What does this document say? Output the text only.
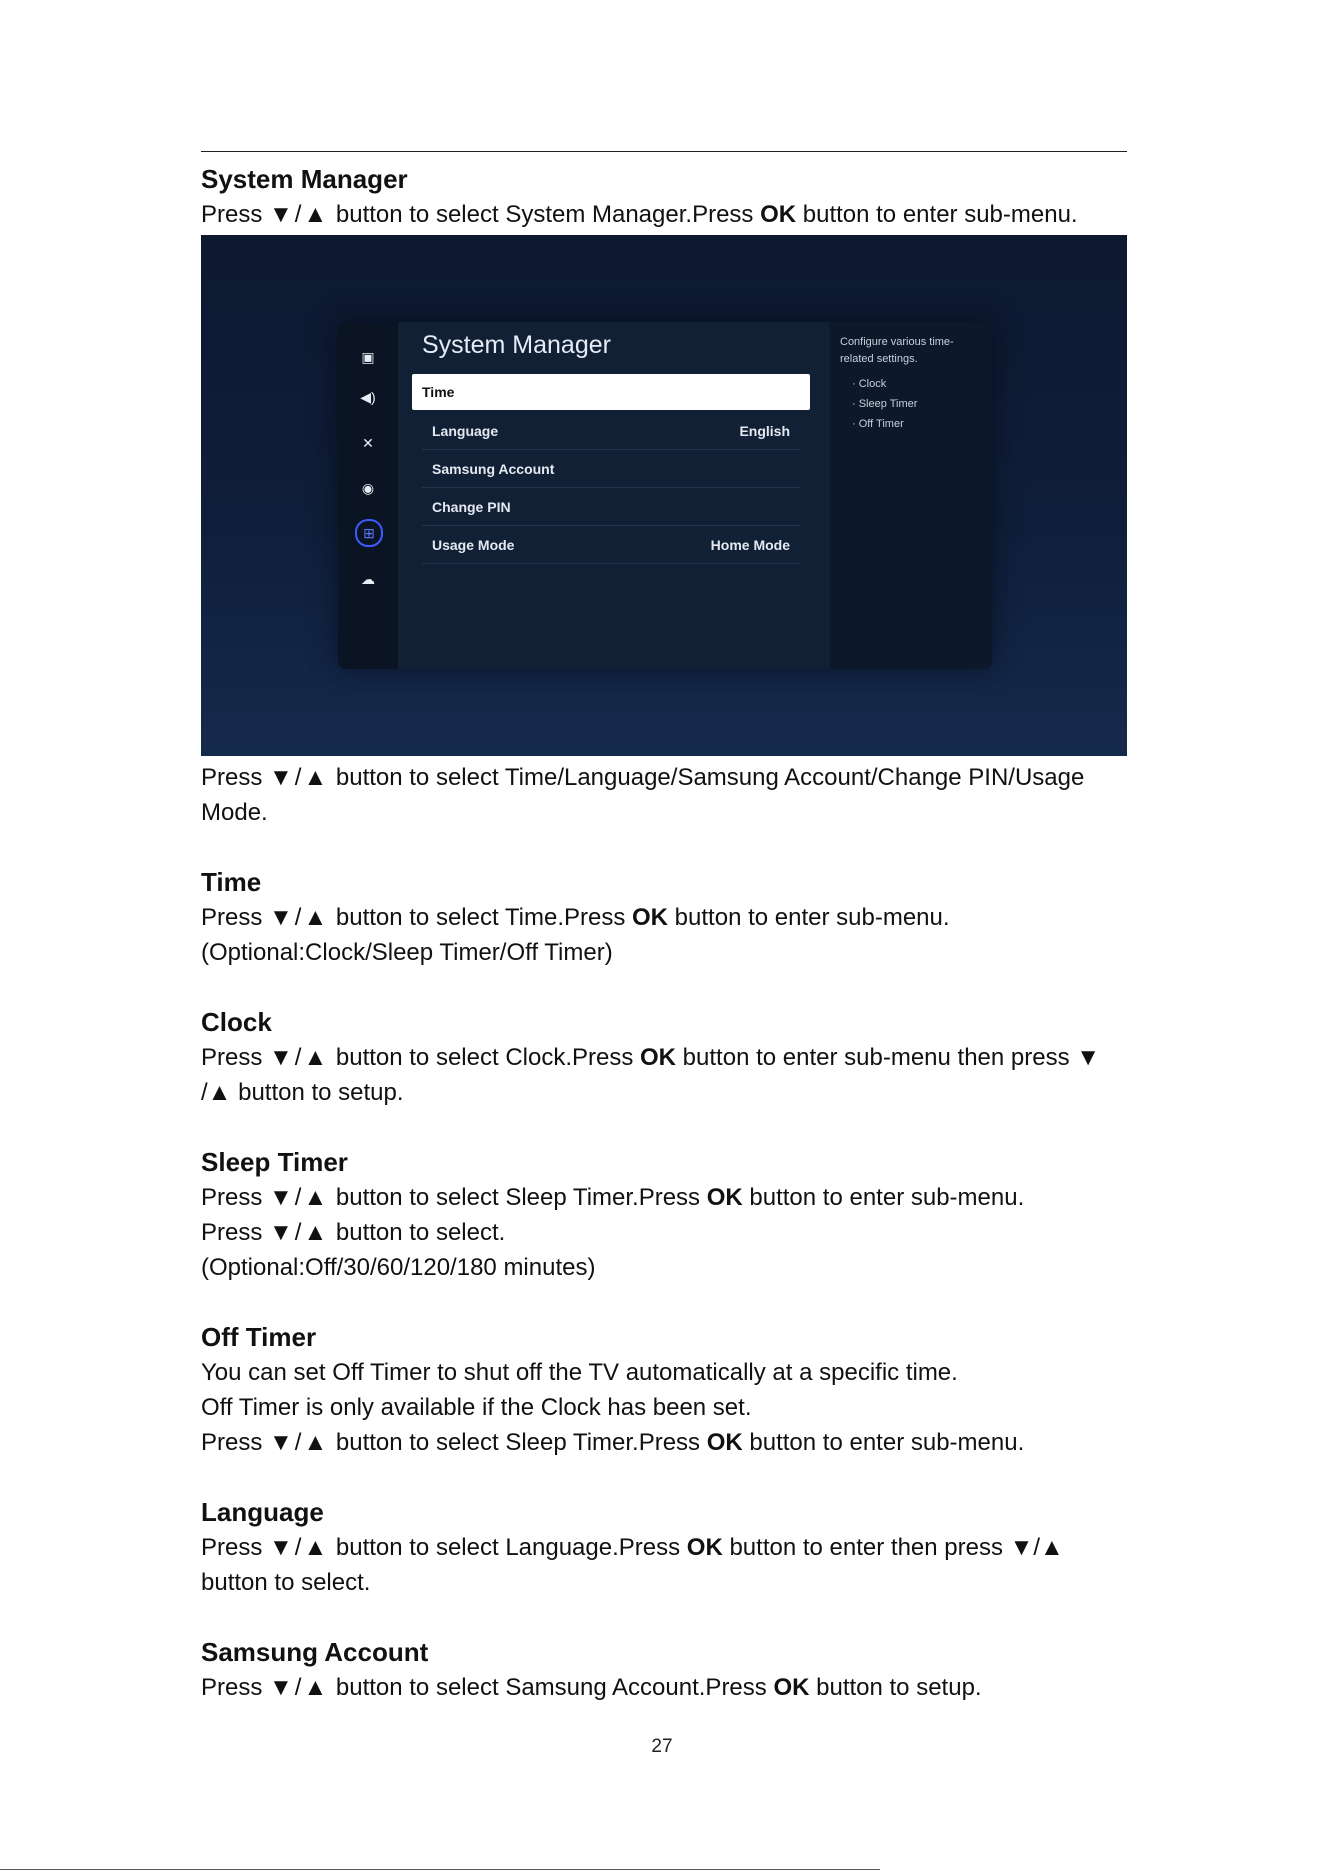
System Manager

Press ▼/▲ button to select System Manager.Press OK button to enter sub-menu.

▣
◀)
✕
◉
⊞
☁
System Manager
Time
Language	English
Samsung Account
Change PIN
Usage Mode	Home Mode
Configure various time-related settings.
· Clock
· Sleep Timer
· Off Timer

Press ▼/▲ button to select Time/Language/Samsung Account/Change PIN/Usage

Mode.

Time

Press ▼/▲ button to select Time.Press OK button to enter sub-menu.

(Optional:Clock/Sleep Timer/Off Timer)

Clock

Press ▼/▲ button to select Clock.Press OK button to enter sub-menu then press ▼

/▲ button to setup.

Sleep Timer

Press ▼/▲ button to select Sleep Timer.Press OK button to enter sub-menu.

Press ▼/▲ button to select.

(Optional:Off/30/60/120/180 minutes)

Off Timer

You can set Off Timer to shut off the TV automatically at a specific time.

Off Timer is only available if the Clock has been set.

Press ▼/▲ button to select Sleep Timer.Press OK button to enter sub-menu.

Language

Press ▼/▲ button to select Language.Press OK button to enter then press ▼/▲

button to select.

Samsung Account

Press ▼/▲ button to select Samsung Account.Press OK button to setup.

27
